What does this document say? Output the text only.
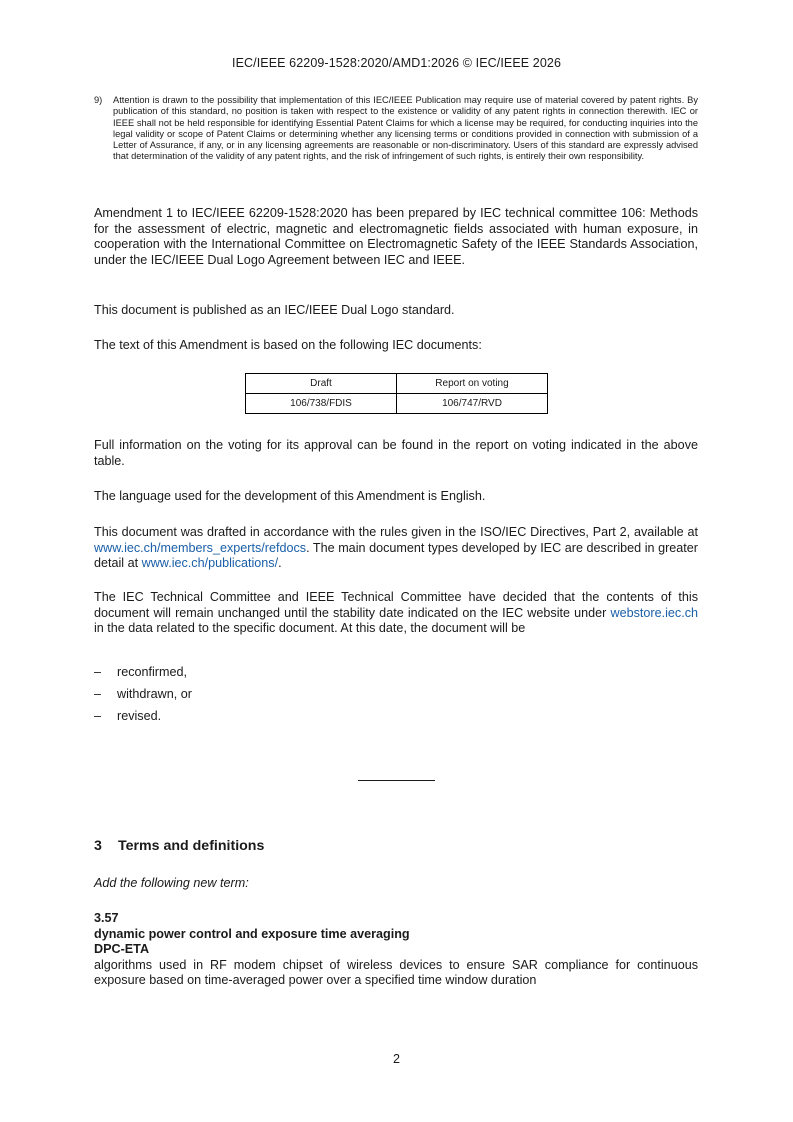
IEC/IEEE 62209-1528:2020/AMD1:2026 © IEC/IEEE 2026
9) Attention is drawn to the possibility that implementation of this IEC/IEEE Publication may require use of material covered by patent rights. By publication of this standard, no position is taken with respect to the existence or validity of any patent rights in connection therewith. IEC or IEEE shall not be held responsible for identifying Essential Patent Claims for which a license may be required, for conducting inquiries into the legal validity or scope of Patent Claims or determining whether any licensing terms or conditions provided in connection with submission of a Letter of Assurance, if any, or in any licensing agreements are reasonable or non-discriminatory. Users of this standard are expressly advised that determination of the validity of any patent rights, and the risk of infringement of such rights, is entirely their own responsibility.

Amendment 1 to IEC/IEEE 62209-1528:2020 has been prepared by IEC technical committee 106: Methods for the assessment of electric, magnetic and electromagnetic fields associated with human exposure, in cooperation with the International Committee on Electromagnetic Safety of the IEEE Standards Association, under the IEC/IEEE Dual Logo Agreement between IEC and IEEE.

This document is published as an IEC/IEEE Dual Logo standard.

The text of this Amendment is based on the following IEC documents:

Draft	Report on voting
106/738/FDIS	106/747/RVD

Full information on the voting for its approval can be found in the report on voting indicated in the above table.

The language used for the development of this Amendment is English.

This document was drafted in accordance with the rules given in the ISO/IEC Directives, Part 2, available at www.iec.ch/members_experts/refdocs. The main document types developed by IEC are described in greater detail at www.iec.ch/publications/.

The IEC Technical Committee and IEEE Technical Committee have decided that the contents of this document will remain unchanged until the stability date indicated on the IEC website under webstore.iec.ch in the data related to the specific document. At this date, the document will be

– reconfirmed,
– withdrawn, or
– revised.
3 Terms and definitions
Add the following new term:
3.57
dynamic power control and exposure time averaging
DPC-ETA
algorithms used in RF modem chipset of wireless devices to ensure SAR compliance for continuous exposure based on time-averaged power over a specified time window duration
2
